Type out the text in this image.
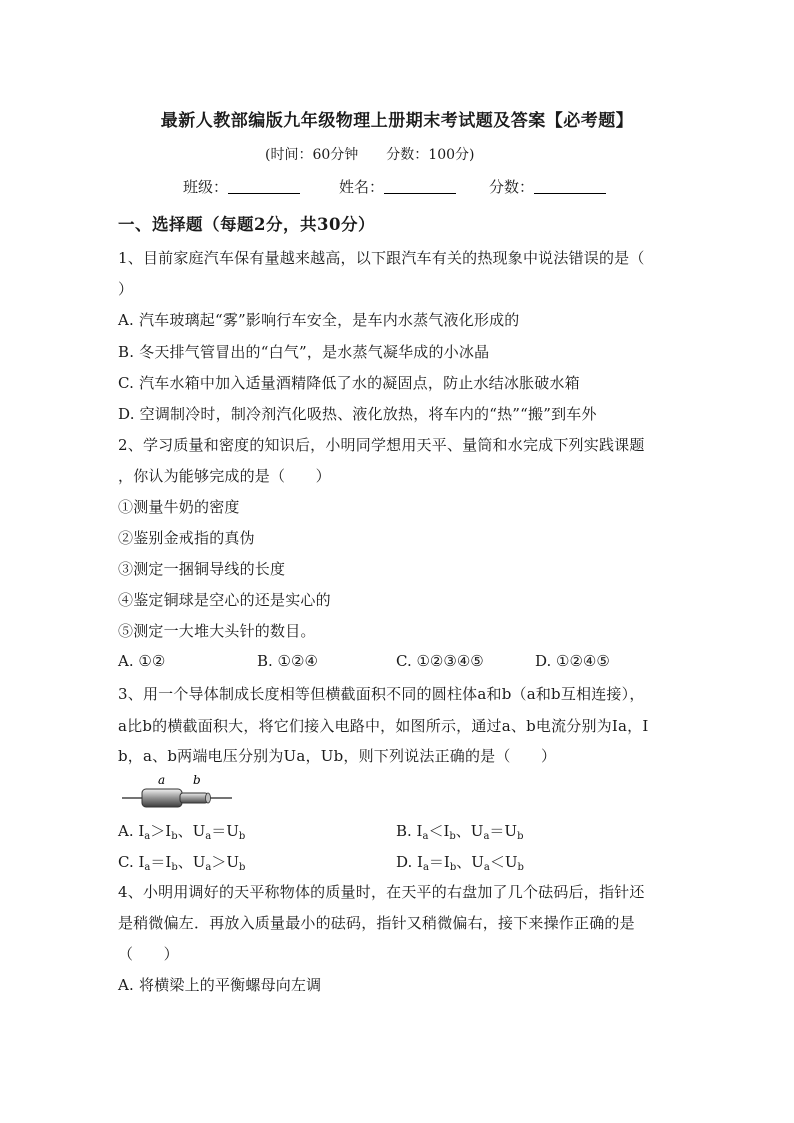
最新人教部编版九年级物理上册期末考试题及答案【必考题】
(时间：60分钟 分数：100分)
班级：	姓名：	分数：
一、选择题（每题2分，共30分）
1、目前家庭汽车保有量越来越高，以下跟汽车有关的热现象中说法错误的是（
）
A. 汽车玻璃起“雾”影响行车安全，是车内水蒸气液化形成的
B. 冬天排气管冒出的“白气”，是水蒸气凝华成的小冰晶
C. 汽车水箱中加入适量酒精降低了水的凝固点，防止水结冰胀破水箱
D. 空调制冷时，制冷剂汽化吸热、液化放热，将车内的“热”“搬”到车外
2、学习质量和密度的知识后，小明同学想用天平、量筒和水完成下列实践课题
，你认为能够完成的是（　　）
①测量牛奶的密度
②鉴别金戒指的真伪
③测定一捆铜导线的长度
④鉴定铜球是空心的还是实心的
⑤测定一大堆大头针的数目。
A. ①②	B. ①②④	C. ①②③④⑤	D. ①②④⑤
3、用一个导体制成长度相等但横截面积不同的圆柱体a和b（a和b互相连接），
a比b的横截面积大，将它们接入电路中，如图所示，通过a、b电流分别为Ia，I
b，a、b两端电压分别为Ua，Ub，则下列说法正确的是（　　）
a b
A. $I_a>I_b$、$U_a=U_b$	B. $I_a<I_b$、$U_a=U_b$
C. $I_a=I_b$、$U_a>U_b$	D. $I_a=I_b$、$U_a<U_b$
4、小明用调好的天平称物体的质量时，在天平的右盘加了几个砝码后，指针还
是稍微偏左．再放入质量最小的砝码，指针又稍微偏右，接下来操作正确的是
（　　）
A. 将横梁上的平衡螺母向左调
